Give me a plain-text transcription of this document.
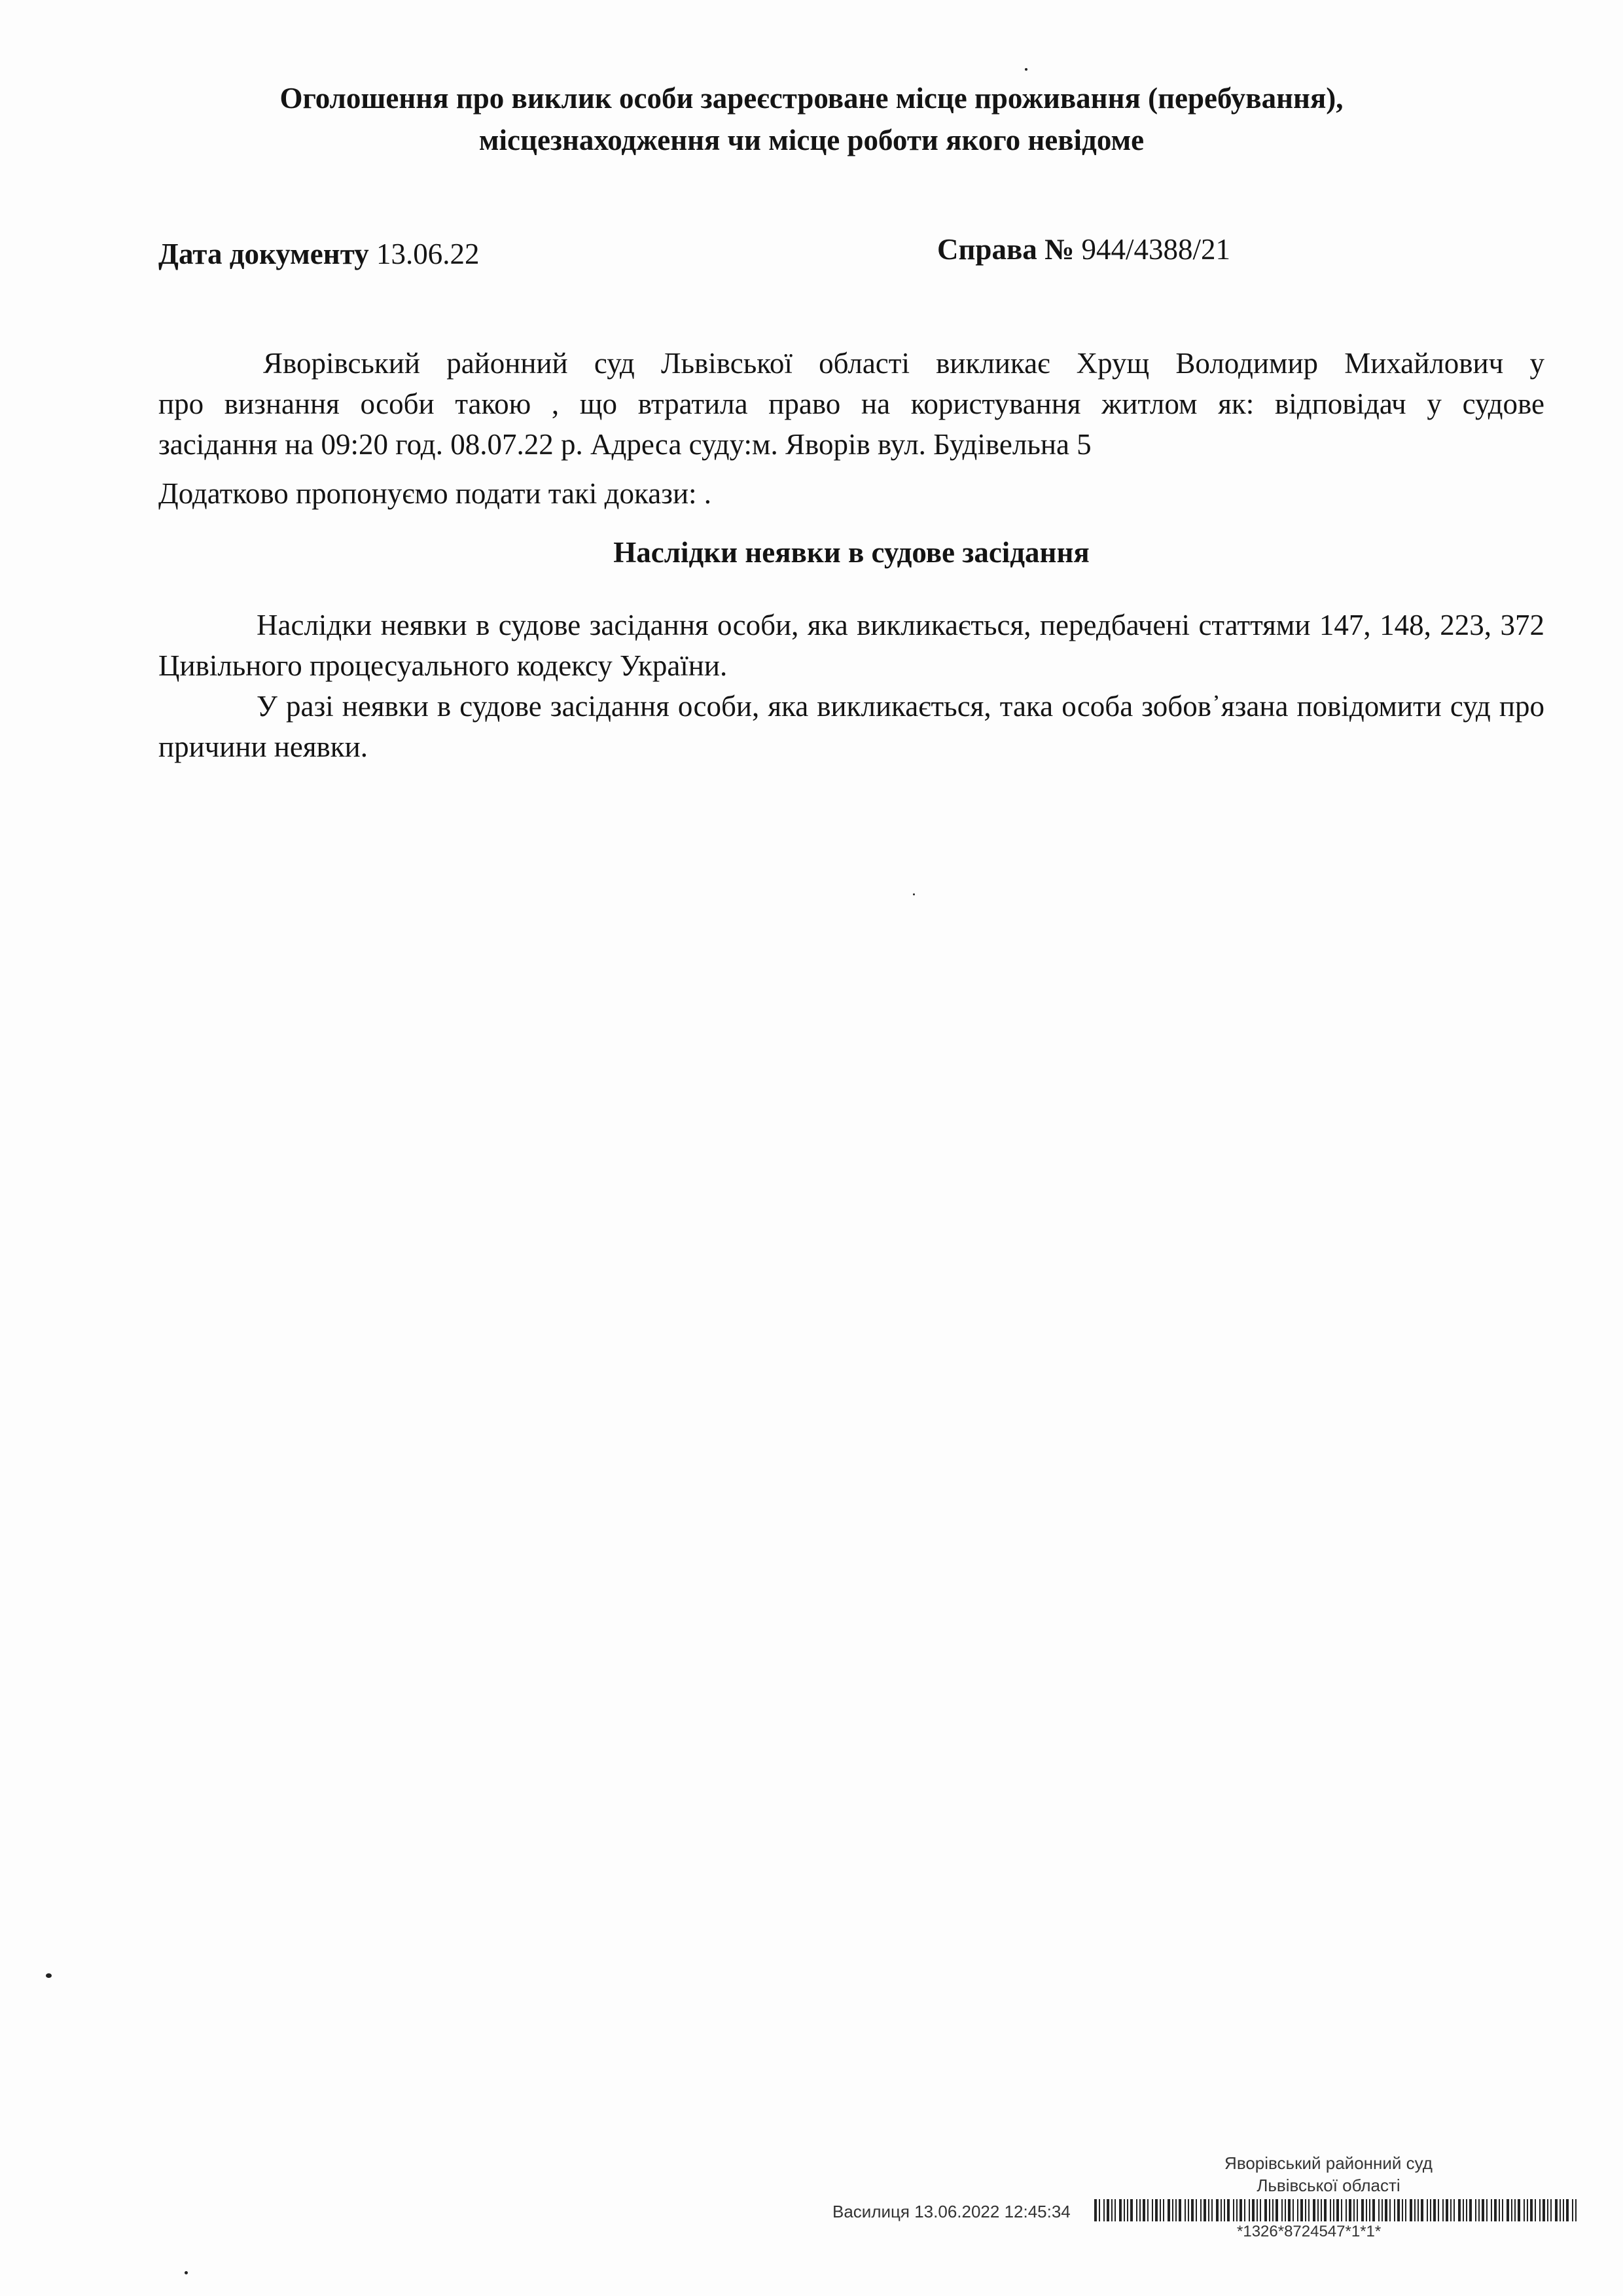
Оголошення про виклик особи зареєстроване місце проживання (перебування),
місцезнаходження чи місце роботи якого невідоме
Дата документу 13.06.22	Справа № 944/4388/21
Яворівський районний суд Львівської області викликає Хрущ Володимир Михайлович у
про визнання особи такою , що втратила право на користування житлом як: відповідач у судове
засідання на 09:20 год. 08.07.22 р. Адреса суду:м. Яворів вул. Будівельна 5
Додатково пропонуємо подати такі докази: .
Наслідки неявки в судове засідання

Наслідки неявки в судове засідання особи, яка викликається, передбачені статтями 147, 148, 223, 372 Цивільного процесуального кодексу України.

У разі неявки в судове засідання особи, яка викликається, така особа зобов᾿язана повідомити суд про причини неявки.

Яворівський районний суд
Львівської області
Василиця 13.06.2022 12:45:34
*1326*8724547*1*1*
